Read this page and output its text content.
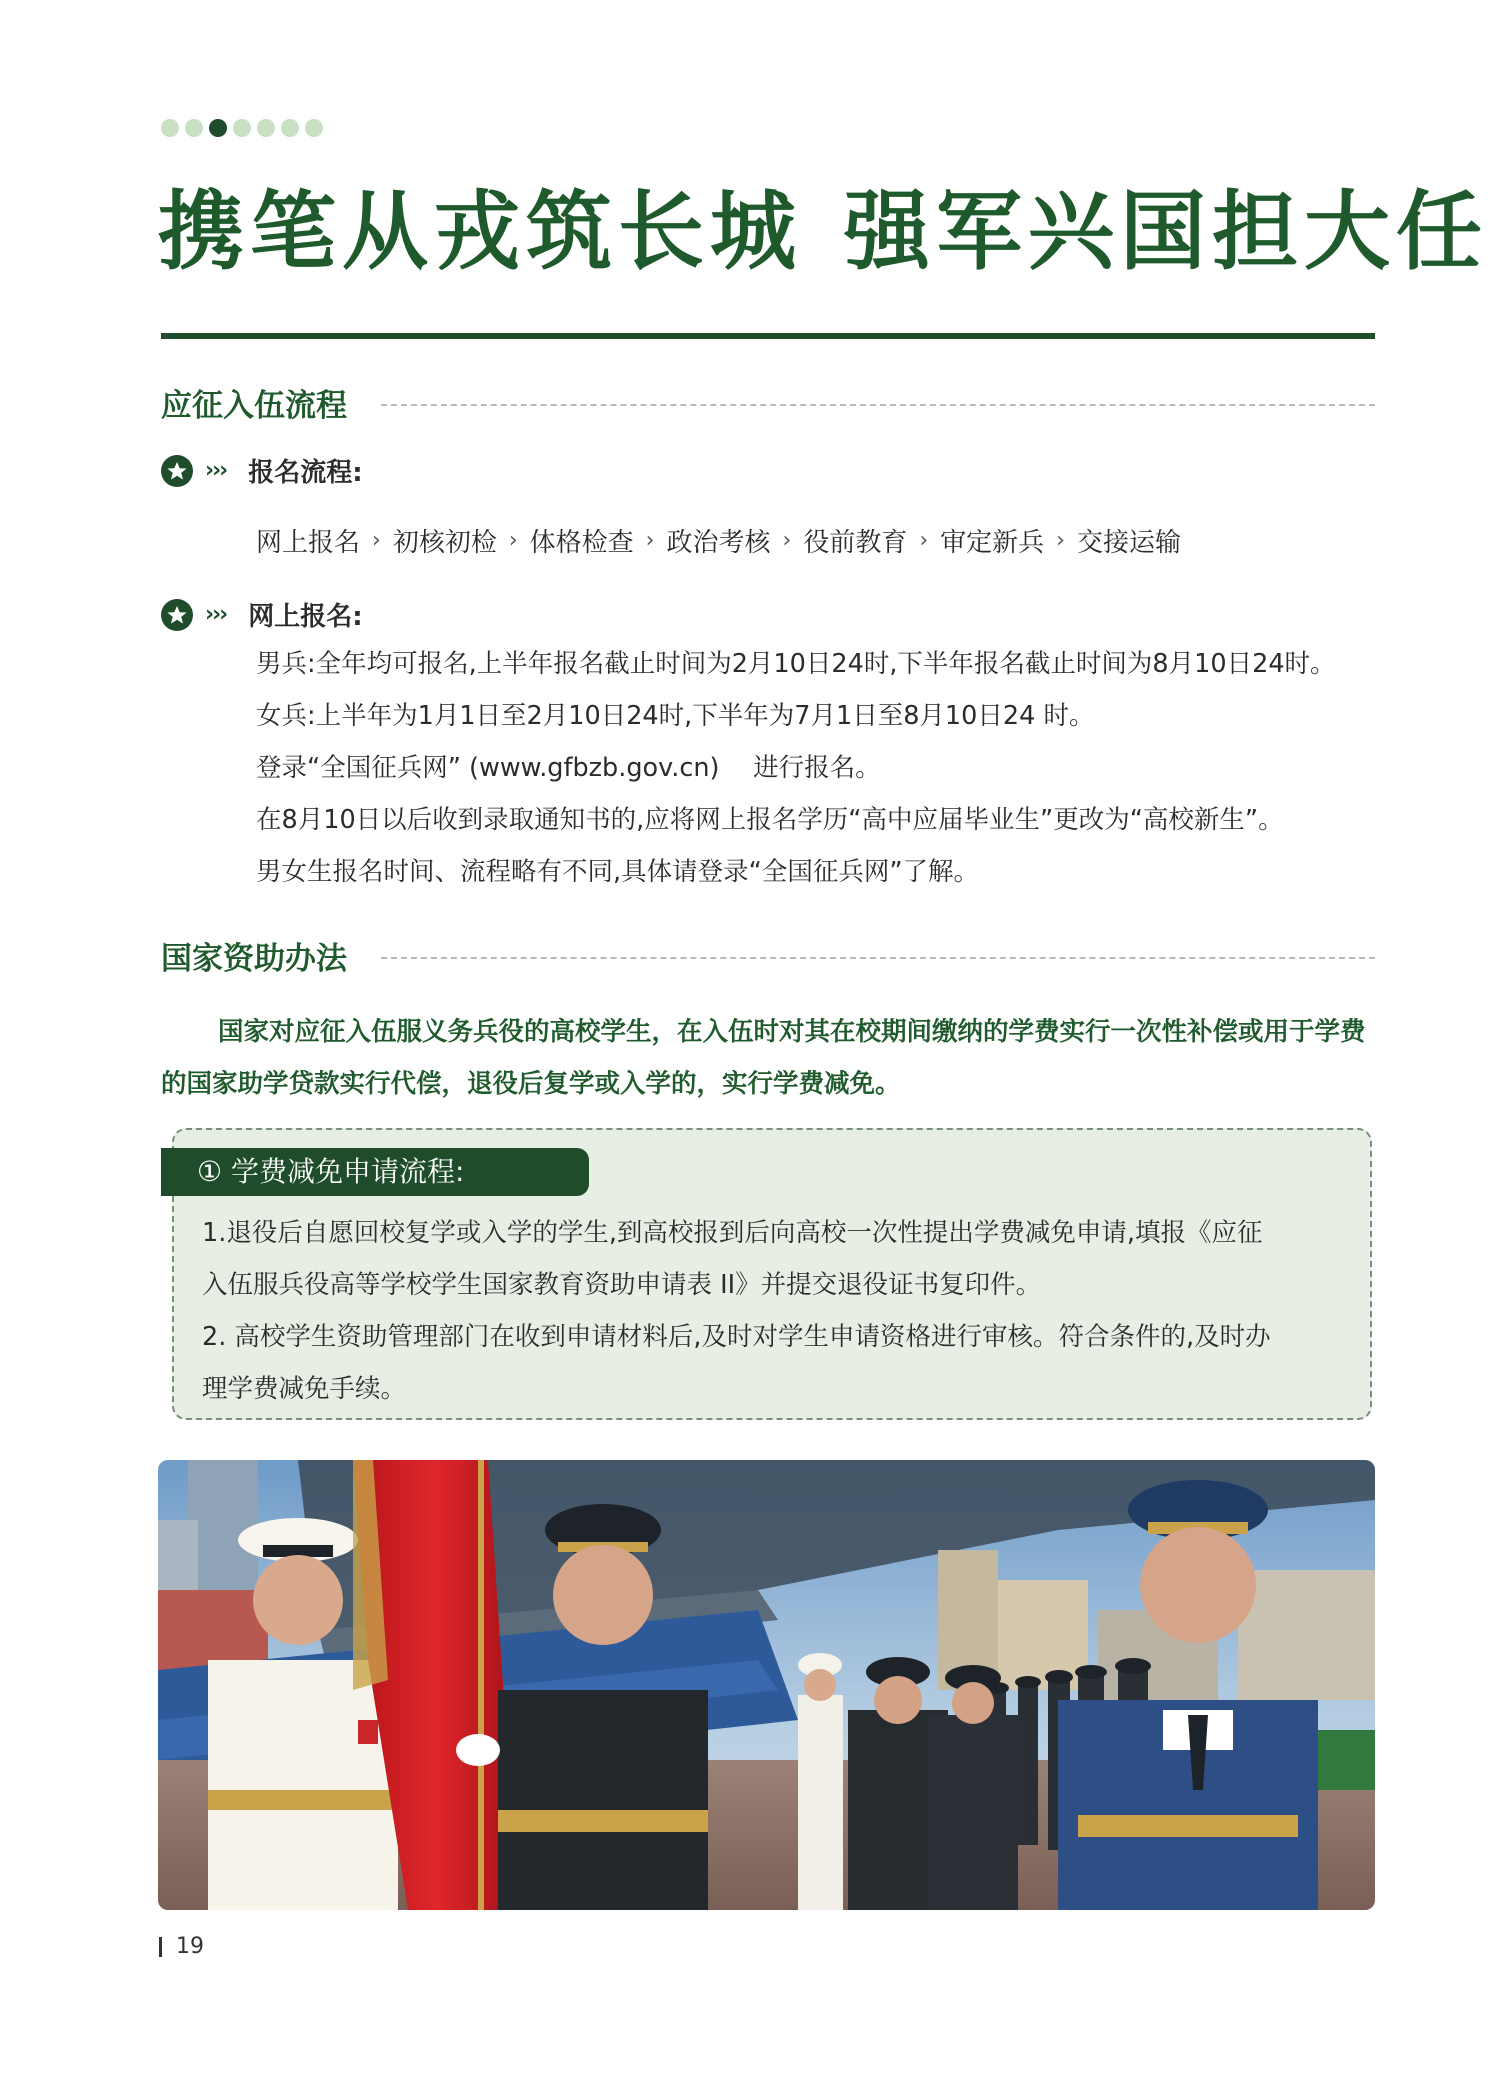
携笔从戎筑长城 强军兴国担大任
应征入伍流程
››› 报名流程:
网上报名 › 初核初检 › 体格检查 › 政治考核 › 役前教育 › 审定新兵 › 交接运输
››› 网上报名:
男兵:全年均可报名,上半年报名截止时间为2月10日24时,下半年报名截止时间为8月10日24时。
女兵:上半年为1月1日至2月10日24时,下半年为7月1日至8月10日24 时。
登录“全国征兵网” (www.gfbzb.gov.cn)　 进行报名。
在8月10日以后收到录取通知书的,应将网上报名学历“高中应届毕业生”更改为“高校新生”。
男女生报名时间、流程略有不同,具体请登录“全国征兵网”了解。
国家资助办法
国家对应征入伍服义务兵役的高校学生，在入伍时对其在校期间缴纳的学费实行一次性补偿或用于学费的国家助学贷款实行代偿，退役后复学或入学的，实行学费减免。
① 学费减免申请流程:
1.退役后自愿回校复学或入学的学生,到高校报到后向高校一次性提出学费减免申请,填报《应征
入伍服兵役高等学校学生国家教育资助申请表 II》并提交退役证书复印件。
2. 高校学生资助管理部门在收到申请材料后,及时对学生申请资格进行审核。符合条件的,及时办
理学费减免手续。
19
